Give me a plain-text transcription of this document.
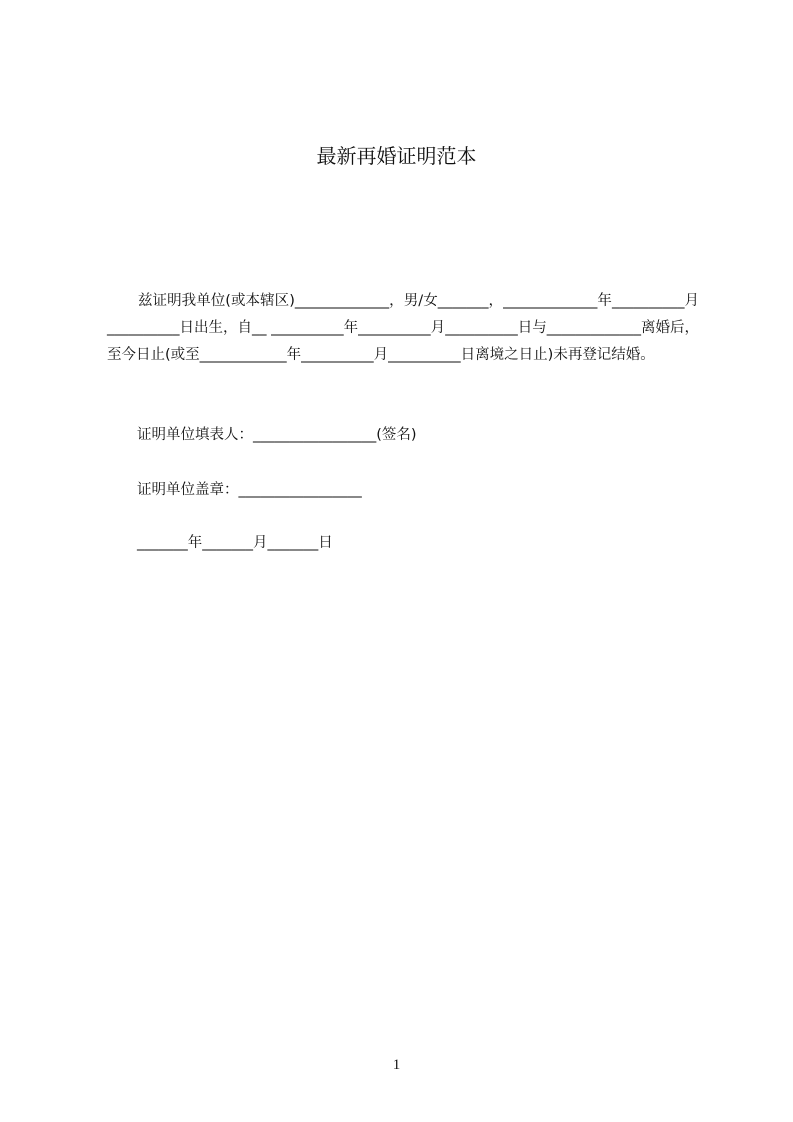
最新再婚证明范本

兹证明我单位(或本辖区)_____________，男/女_______，_____________年__________月__________日出生，自__ __________年__________月__________日与_____________离婚后，至今日止(或至____________年__________月__________日离境之日止)未再登记结婚。

证明单位填表人：_________________(签名)

证明单位盖章：_________________

_______年_______月_______日

1
